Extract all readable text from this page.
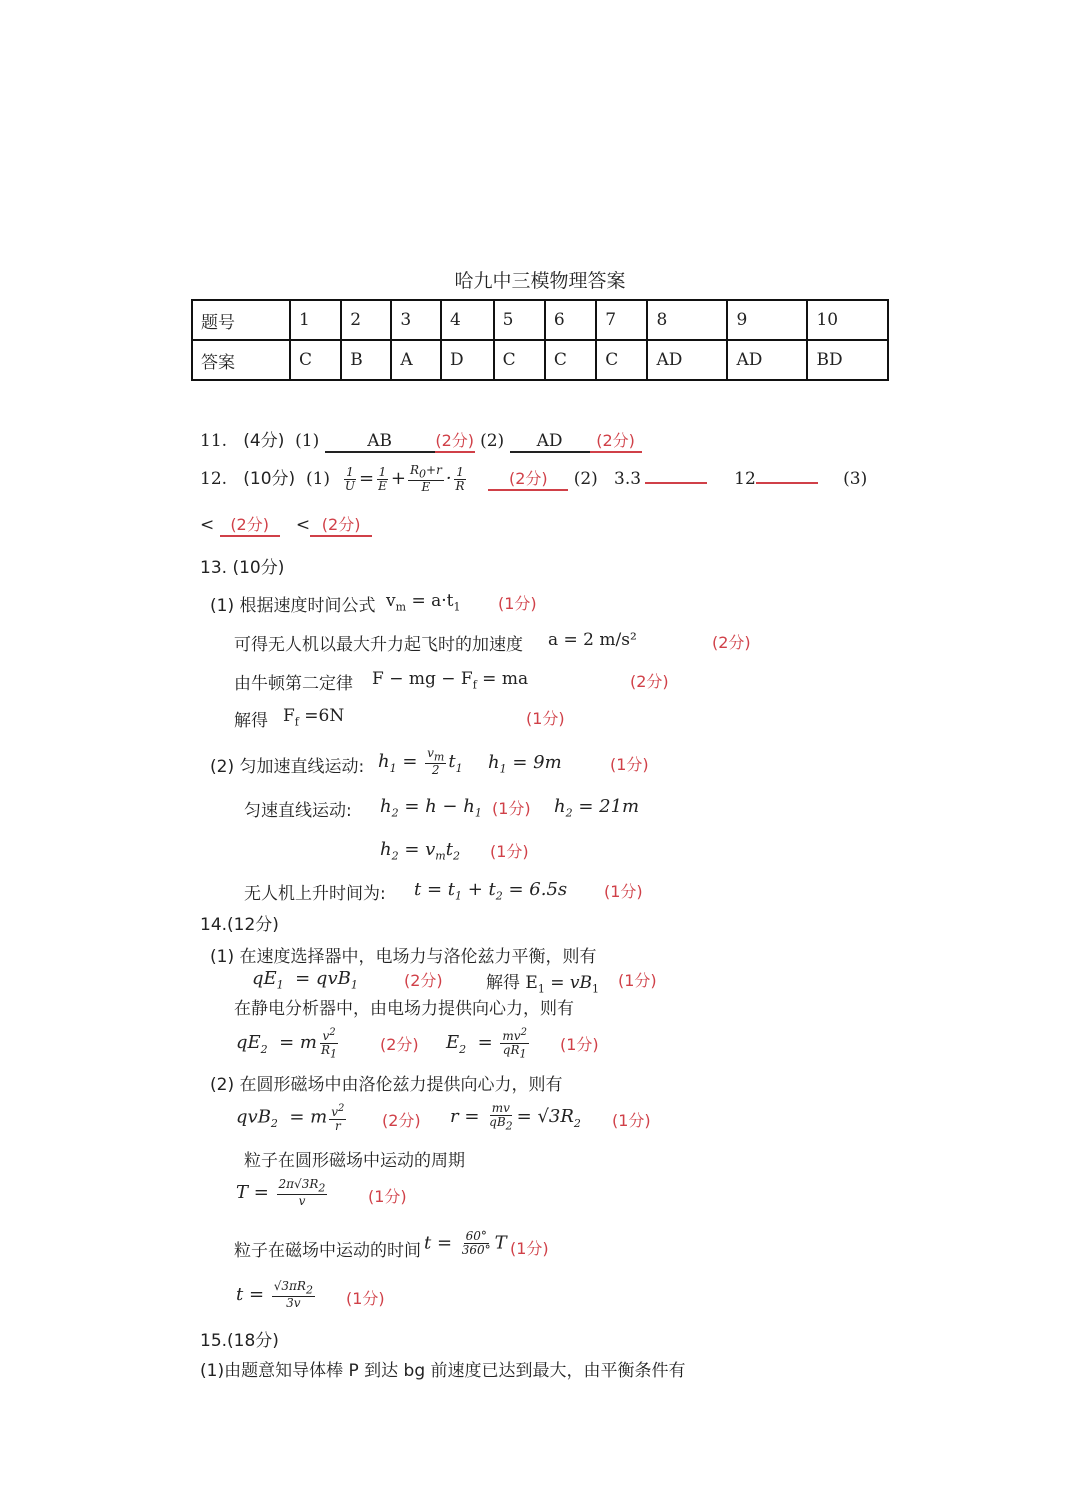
哈九中三模物理答案
题号	1	2	3	4	5	6	7	8	9	10
答案	C	B	A	D	C	C	C	AD	AD	BD
11. (4分) (1)	AB	(2分) (2) AD (2分)
12. (10分) $(1) \frac{1}{U} = \frac{1}{E} + \frac{R_0+r}{E} \cdot \frac{1}{R}$	(2分) (2) 3.3	12	(3)
< (2分) < (2分)
13. (10分)
(1) 根据速度时间公式 $v_m = a\cdot t_1$ (1分)
可得无人机以最大升力起飞时的加速度 a = 2 m/s²	(2分)
由牛顿第二定律 F − mg − $F_f$ = ma	(2分)
解得 $F_f =6N$	(1分)
(2) 匀加速直线运动: $h_1 = \frac{v_m}{2} t_1$ $h_1 = 9m$	(1分)
匀速直线运动: $h_2 = h - h_1$ (1分) $h_2 = 21m$
$h_2 = v_mt_2$ (1分)
无人机上升时间为: $t = t_1 + t_2 = 6.5s$ (1分)
14.(12分)
(1) 在速度选择器中，电场力与洛伦兹力平衡，则有
$qE_1 = qvB_1$	(2分)	解得 $E_1 = vB_1$ (1分)
在静电分析器中，由电场力提供向心力，则有
$qE_2 = m \frac{v^2}{R_1}$	(2分) $E_2 = \frac{mv^2}{qR_1} (1$分)
(2) 在圆形磁场中由洛伦兹力提供向心力，则有
qvB$_2$  = m $\frac{v^2}{r} (2$分) $r = \frac{mv}{qB_2} = √3R_2$ (1分)
粒子在圆形磁场中运动的周期
$T = \frac{2\pi√3R_2}{v}$	(1分)
粒子在磁场中运动的时间 $t = \frac{60^\circ}{360^\circ}$ T (1分)
$t = \frac{√3\pi R_2}{3v} (1$分)
15.(18分)
(1)由题意知导体棒 P 到达 bg 前速度已达到最大，由平衡条件有
